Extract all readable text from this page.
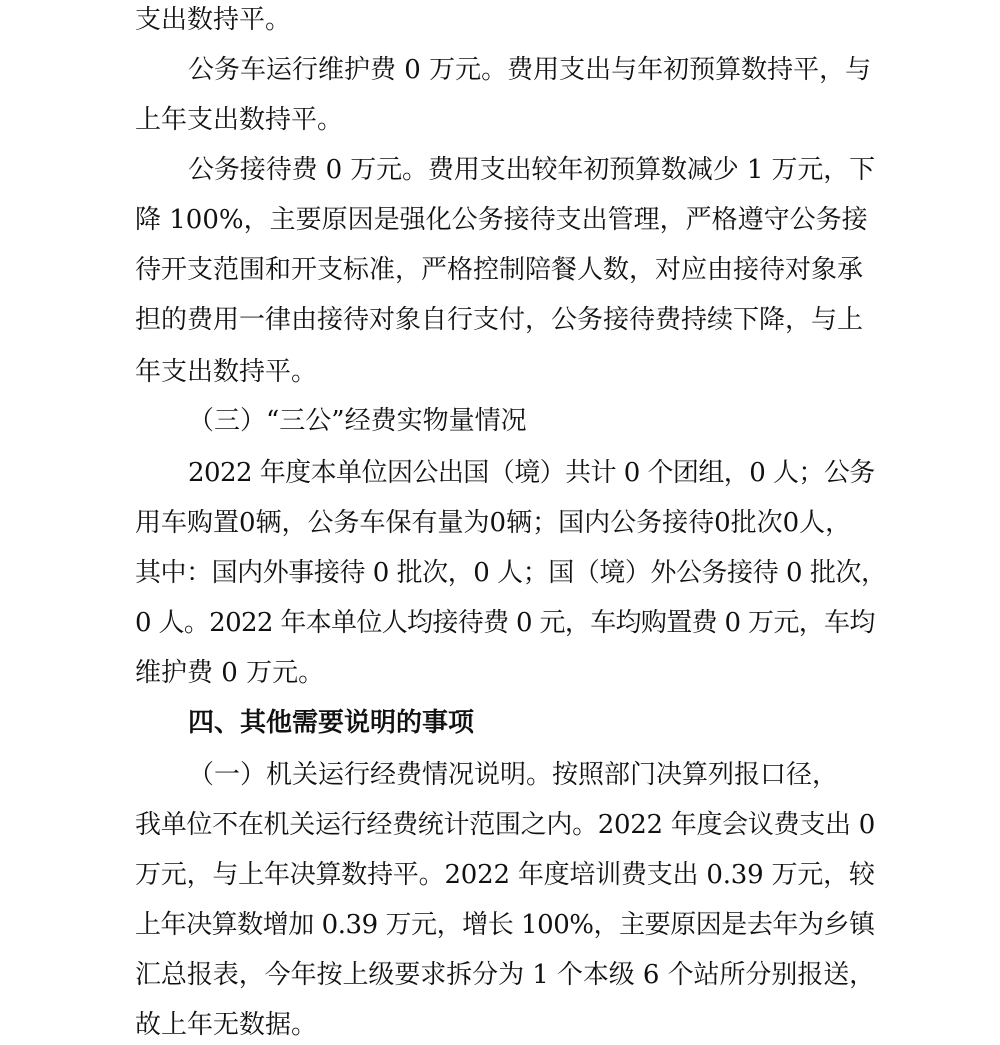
支出数持平。
公务车运行维护费 0 万元。费用支出与年初预算数持平，与
上年支出数持平。
公务接待费 0 万元。费用支出较年初预算数减少 1 万元，下
降 100%，主要原因是强化公务接待支出管理，严格遵守公务接
待开支范围和开支标准，严格控制陪餐人数，对应由接待对象承
担的费用一律由接待对象自行支付，公务接待费持续下降，与上
年支出数持平。
（三）“三公”经费实物量情况
2022 年度本单位因公出国（境）共计 0 个团组，0 人；公务
用车购置0辆，公务车保有量为0辆；国内公务接待0批次0人，
其中：国内外事接待 0 批次，0 人；国（境）外公务接待 0 批次，
0 人。2022 年本单位人均接待费 0 元，车均购置费 0 万元，车均
维护费 0 万元。
四、其他需要说明的事项
（一）机关运行经费情况说明。按照部门决算列报口径，
我单位不在机关运行经费统计范围之内。2022 年度会议费支出 0
万元，与上年决算数持平。2022 年度培训费支出 0.39 万元，较
上年决算数增加 0.39 万元，增长 100%，主要原因是去年为乡镇
汇总报表，今年按上级要求拆分为 1 个本级 6 个站所分别报送，
故上年无数据。
